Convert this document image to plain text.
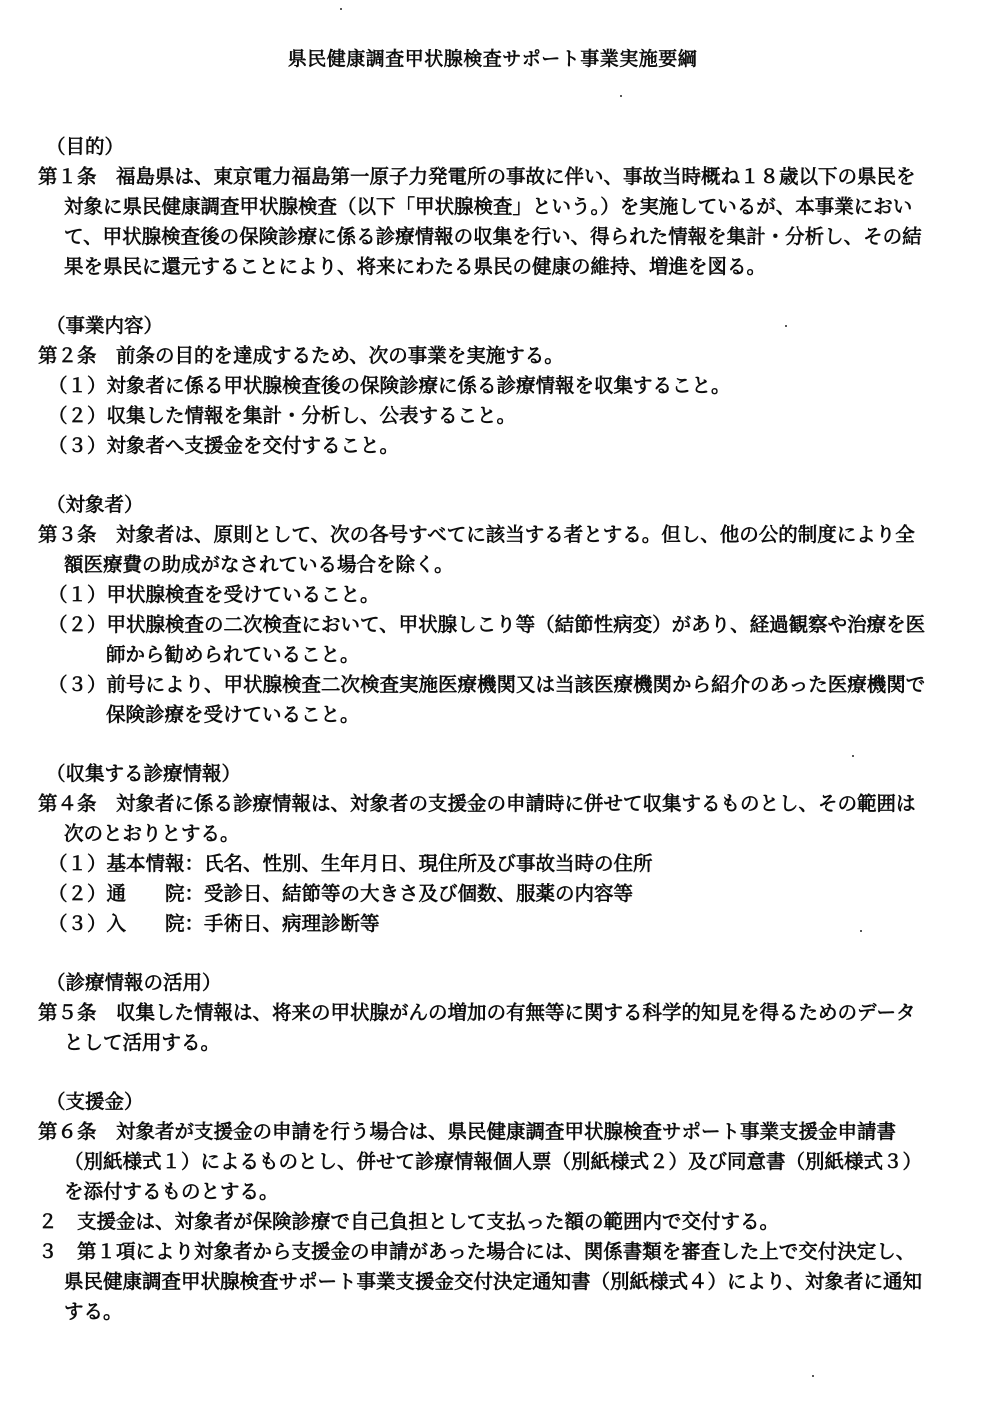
県民健康調査甲状腺検査サポート事業実施要綱
（目的）
第１条　福島県は、東京電力福島第一原子力発電所の事故に伴い、事故当時概ね１８歳以下の県民を対象に県民健康調査甲状腺検査（以下「甲状腺検査」という。）を実施しているが、本事業において、甲状腺検査後の保険診療に係る診療情報の収集を行い、得られた情報を集計・分析し、その結果を県民に還元することにより、将来にわたる県民の健康の維持、増進を図る。
（事業内容）
第２条　前条の目的を達成するため、次の事業を実施する。
（１）対象者に係る甲状腺検査後の保険診療に係る診療情報を収集すること。
（２）収集した情報を集計・分析し、公表すること。
（３）対象者へ支援金を交付すること。
（対象者）
第３条　対象者は、原則として、次の各号すべてに該当する者とする。但し、他の公的制度により全額医療費の助成がなされている場合を除く。
（１）甲状腺検査を受けていること。
（２）甲状腺検査の二次検査において、甲状腺しこり等（結節性病変）があり、経過観察や治療を医師から勧められていること。
（３）前号により、甲状腺検査二次検査実施医療機関又は当該医療機関から紹介のあった医療機関で保険診療を受けていること。
（収集する診療情報）
第４条　対象者に係る診療情報は、対象者の支援金の申請時に併せて収集するものとし、その範囲は次のとおりとする。
（１）基本情報：氏名、性別、生年月日、現住所及び事故当時の住所
（２）通　　院：受診日、結節等の大きさ及び個数、服薬の内容等
（３）入　　院：手術日、病理診断等
（診療情報の活用）
第５条　収集した情報は、将来の甲状腺がんの増加の有無等に関する科学的知見を得るためのデータとして活用する。
（支援金）
第６条　対象者が支援金の申請を行う場合は、県民健康調査甲状腺検査サポート事業支援金申請書（別紙様式１）によるものとし、併せて診療情報個人票（別紙様式２）及び同意書（別紙様式３）を添付するものとする。
２　支援金は、対象者が保険診療で自己負担として支払った額の範囲内で交付する。
３　第１項により対象者から支援金の申請があった場合には、関係書類を審査した上で交付決定し、県民健康調査甲状腺検査サポート事業支援金交付決定通知書（別紙様式４）により、対象者に通知する。
